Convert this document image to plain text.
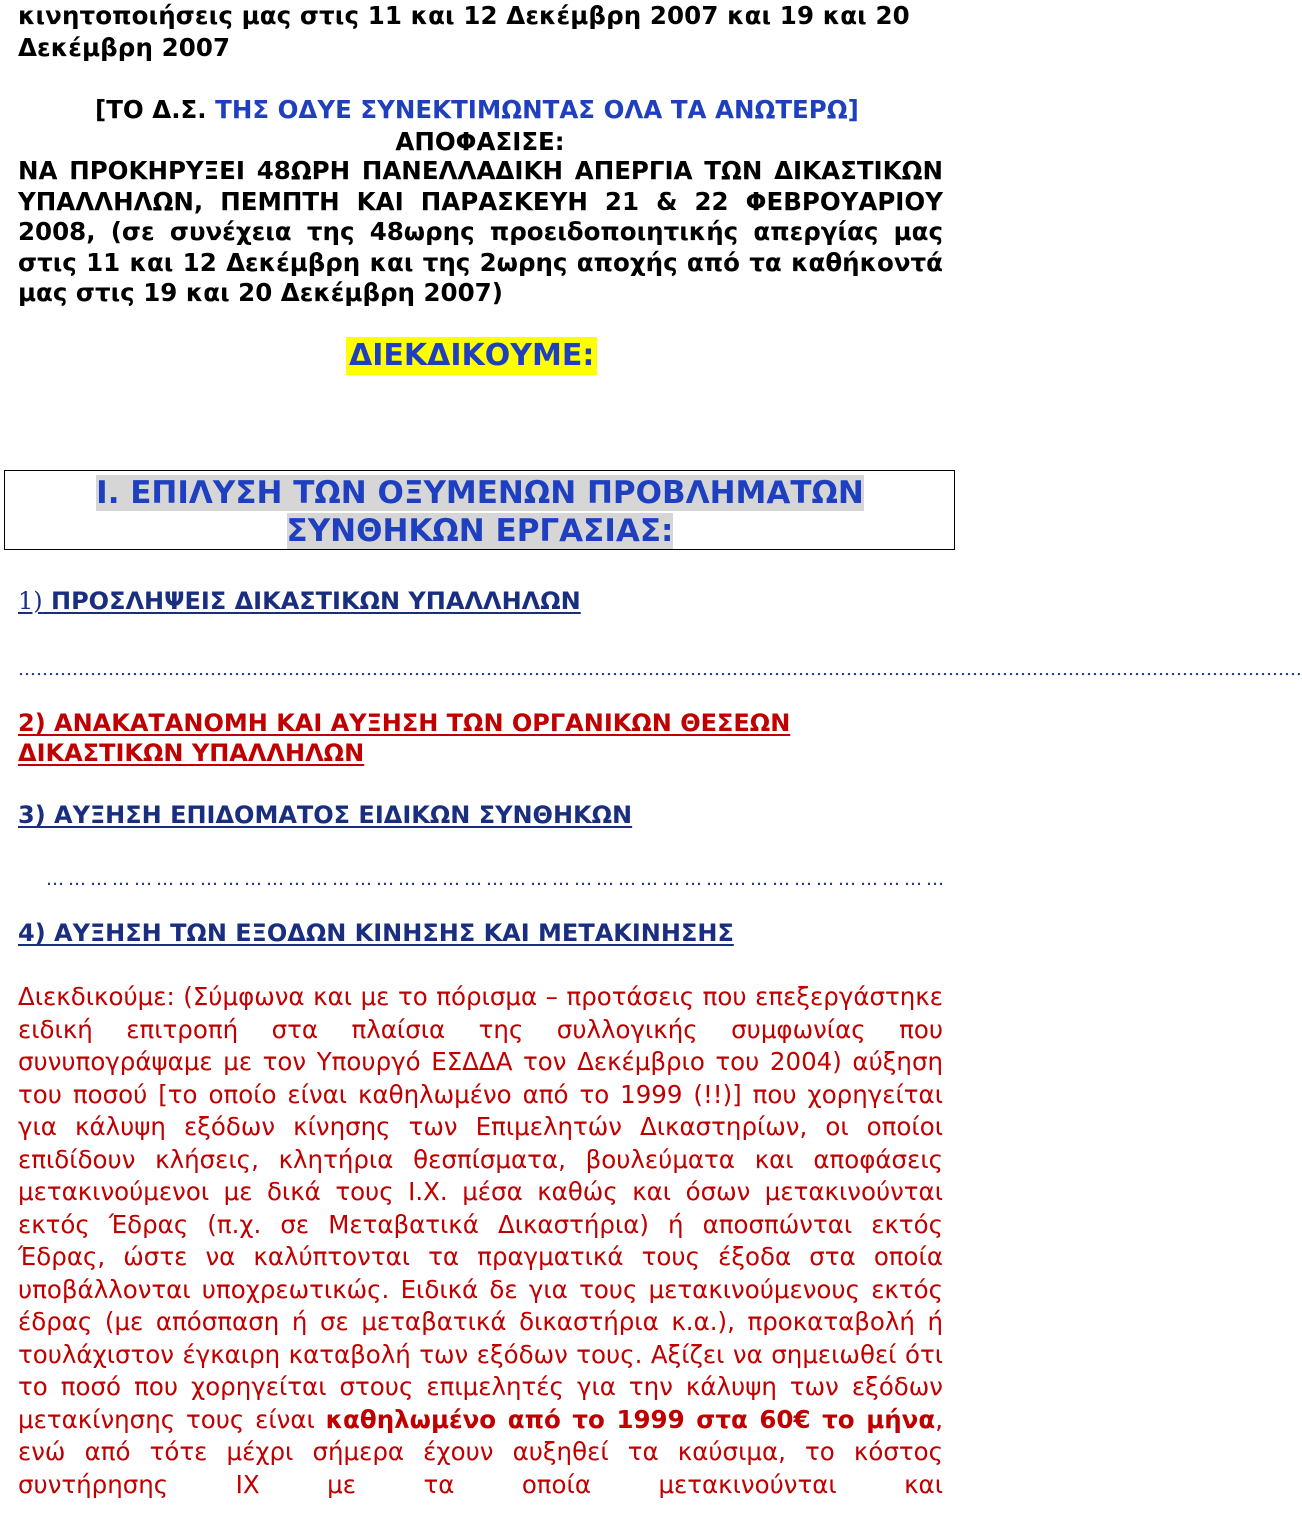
κινητοποιήσεις μας στις 11 και 12 Δεκέμβρη 2007 και 19 και 20 Δεκέμβρη 2007
[ΤΟ Δ.Σ. ΤΗΣ ΟΔΥΕ ΣΥΝΕΚΤΙΜΩΝΤΑΣ ΟΛΑ ΤΑ ΑΝΩΤΕΡΩ]
ΑΠΟΦΑΣΙΣΕ:
ΝΑ ΠΡΟΚΗΡΥΞΕΙ 48ΩΡΗ ΠΑΝΕΛΛΑΔΙΚΗ ΑΠΕΡΓΙΑ ΤΩΝ ΔΙΚΑΣΤΙΚΩΝ ΥΠΑΛΛΗΛΩΝ, ΠΕΜΠΤΗ ΚΑΙ ΠΑΡΑΣΚΕΥΗ 21 & 22 ΦΕΒΡΟΥΑΡΙΟΥ 2008, (σε συνέχεια της 48ωρης προειδοποιητικής απεργίας μας στις 11 και 12 Δεκέμβρη και της 2ωρης αποχής από τα καθήκοντά μας στις 19 και 20 Δεκέμβρη 2007)
ΔΙΕΚΔΙΚΟΥΜΕ:
Ι. ΕΠΙΛΥΣΗ ΤΩΝ ΟΞΥΜΕΝΩΝ ΠΡΟΒΛΗΜΑΤΩΝ
ΣΥΝΘΗΚΩΝ ΕΡΓΑΣΙΑΣ:
1) ΠΡΟΣΛΗΨΕΙΣ ΔΙΚΑΣΤΙΚΩΝ ΥΠΑΛΛΗΛΩΝ
…………………………………………………………………………………………………………………………………………………………………………………………….
2) ΑΝΑΚΑΤΑΝΟΜΗ ΚΑΙ ΑΥΞΗΣΗ ΤΩΝ ΟΡΓΑΝΙΚΩΝ ΘΕΣΕΩΝ ΔΙΚΑΣΤΙΚΩΝ ΥΠΑΛΛΗΛΩΝ
3) ΑΥΞΗΣΗ ΕΠΙΔΟΜΑΤΟΣ ΕΙΔΙΚΩΝ ΣΥΝΘΗΚΩΝ
……………………………………………………………………………………………………………
4) ΑΥΞΗΣΗ ΤΩΝ ΕΞΟΔΩΝ ΚΙΝΗΣΗΣ ΚΑΙ ΜΕΤΑΚΙΝΗΣΗΣ
Διεκδικούμε: (Σύμφωνα και με το πόρισμα – προτάσεις που επεξεργάστηκε ειδική επιτροπή στα πλαίσια της συλλογικής συμφωνίας που συνυπογράψαμε με τον Υπουργό ΕΣΔΔΑ τον Δεκέμβριο του 2004) αύξηση του ποσού [το οποίο είναι καθηλωμένο από το 1999 (!!)] που χορηγείται για κάλυψη εξόδων κίνησης των Επιμελητών Δικαστηρίων, οι οποίοι επιδίδουν κλήσεις, κλητήρια θεσπίσματα, βουλεύματα και αποφάσεις μετακινούμενοι με δικά τους Ι.Χ. μέσα καθώς και όσων μετακινούνται εκτός Έδρας (π.χ. σε Μεταβατικά Δικαστήρια) ή αποσπώνται εκτός Έδρας, ώστε να καλύπτονται τα πραγματικά τους έξοδα στα οποία υποβάλλονται υποχρεωτικώς. Ειδικά δε για τους μετακινούμενους εκτός έδρας (με απόσπαση ή σε μεταβατικά δικαστήρια κ.α.), προκαταβολή ή τουλάχιστον έγκαιρη καταβολή των εξόδων τους. Αξίζει να σημειωθεί ότι το ποσό που χορηγείται στους επιμελητές για την κάλυψη των εξόδων μετακίνησης τους είναι καθηλωμένο από το 1999 στα 60€ το μήνα, ενώ από τότε μέχρι σήμερα έχουν αυξηθεί τα καύσιμα, το κόστος συντήρησης ΙΧ με τα οποία μετακινούνται και
